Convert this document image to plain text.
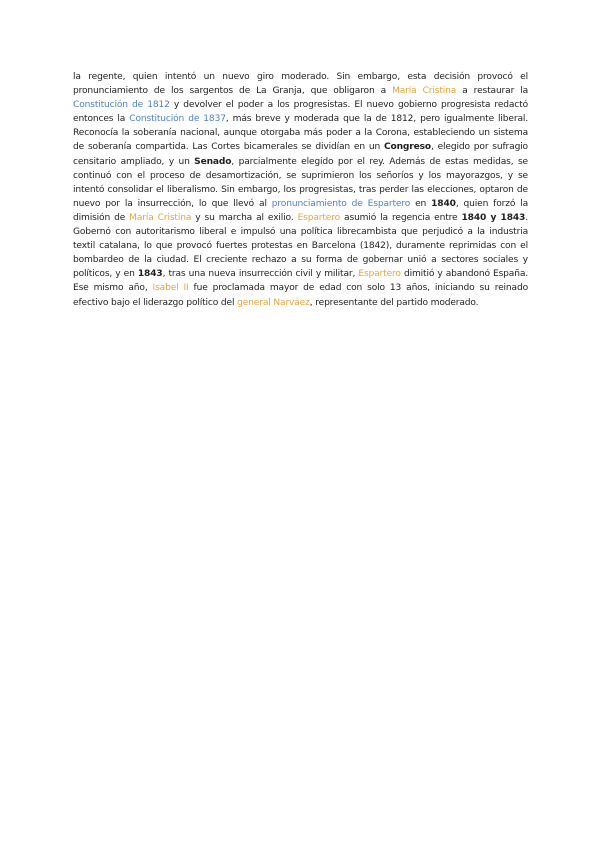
la regente, quien intentó un nuevo giro moderado. Sin embargo, esta decisión provocó el pronunciamiento de los sargentos de La Granja, que obligaron a María Cristina a restaurar la Constitución de 1812 y devolver el poder a los progresistas. El nuevo gobierno progresista redactó entonces la Constitución de 1837, más breve y moderada que la de 1812, pero igualmente liberal. Reconocía la soberanía nacional, aunque otorgaba más poder a la Corona, estableciendo un sistema de soberanía compartida. Las Cortes bicamerales se dividían en un Congreso, elegido por sufragio censitario ampliado, y un Senado, parcialmente elegido por el rey. Además de estas medidas, se continuó con el proceso de desamortización, se suprimieron los señoríos y los mayorazgos, y se intentó consolidar el liberalismo. Sin embargo, los progresistas, tras perder las elecciones, optaron de nuevo por la insurrección, lo que llevó al pronunciamiento de Espartero en 1840, quien forzó la dimisión de María Cristina y su marcha al exilio. Espartero asumió la regencia entre 1840 y 1843. Gobernó con autoritarismo liberal e impulsó una política librecambista que perjudicó a la industria textil catalana, lo que provocó fuertes protestas en Barcelona (1842), duramente reprimidas con el bombardeo de la ciudad. El creciente rechazo a su forma de gobernar unió a sectores sociales y políticos, y en 1843, tras una nueva insurrección civil y militar, Espartero dimitió y abandonó España. Ese mismo año, Isabel II fue proclamada mayor de edad con solo 13 años, iniciando su reinado efectivo bajo el liderazgo político del general Narváez, representante del partido moderado.
